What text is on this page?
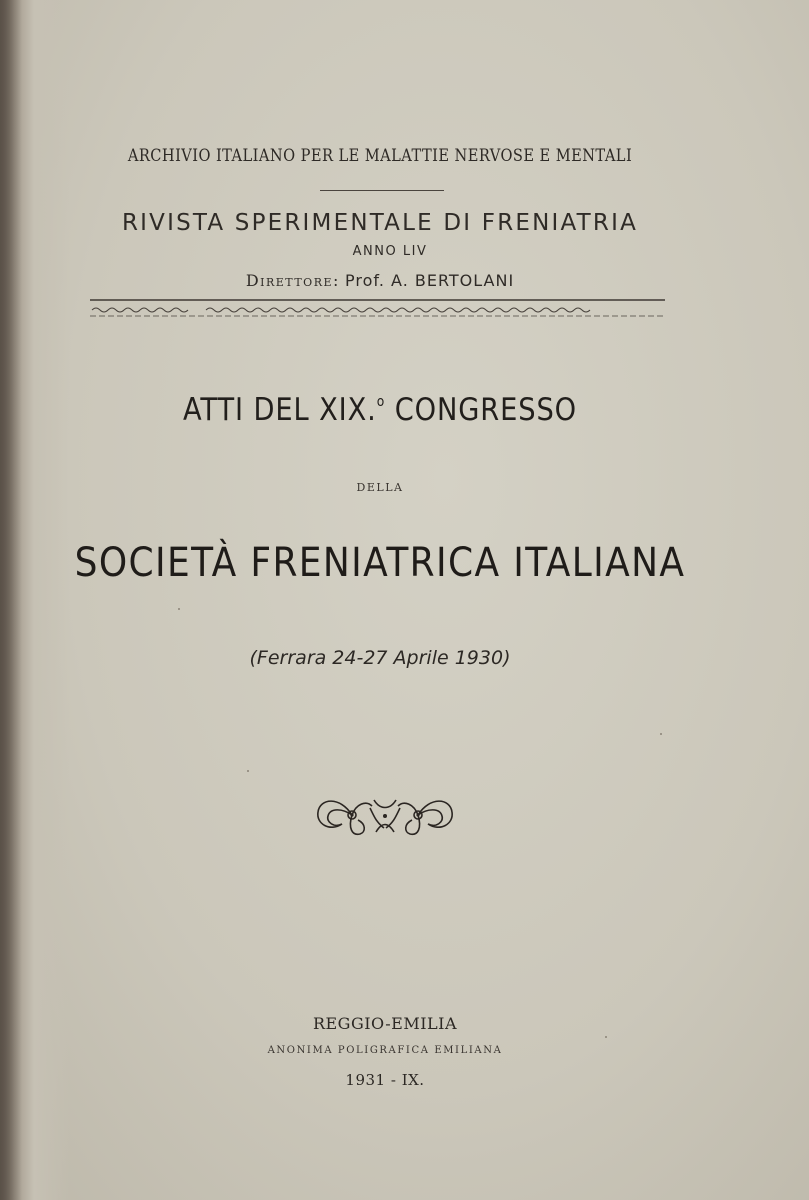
ARCHIVIO ITALIANO PER LE MALATTIE NERVOSE E MENTALI
RIVISTA SPERIMENTALE DI FRENIATRIA
ANNO LIV
Direttore: Prof. A. BERTOLANI
ATTI DEL XIX.$^o$ CONGRESSO
DELLA
SOCIETÀ FRENIATRICA ITALIANA
(Ferrara 24-27 Aprile 1930)
REGGIO-EMILIA
ANONIMA POLIGRAFICA EMILIANA
1931 - IX.
